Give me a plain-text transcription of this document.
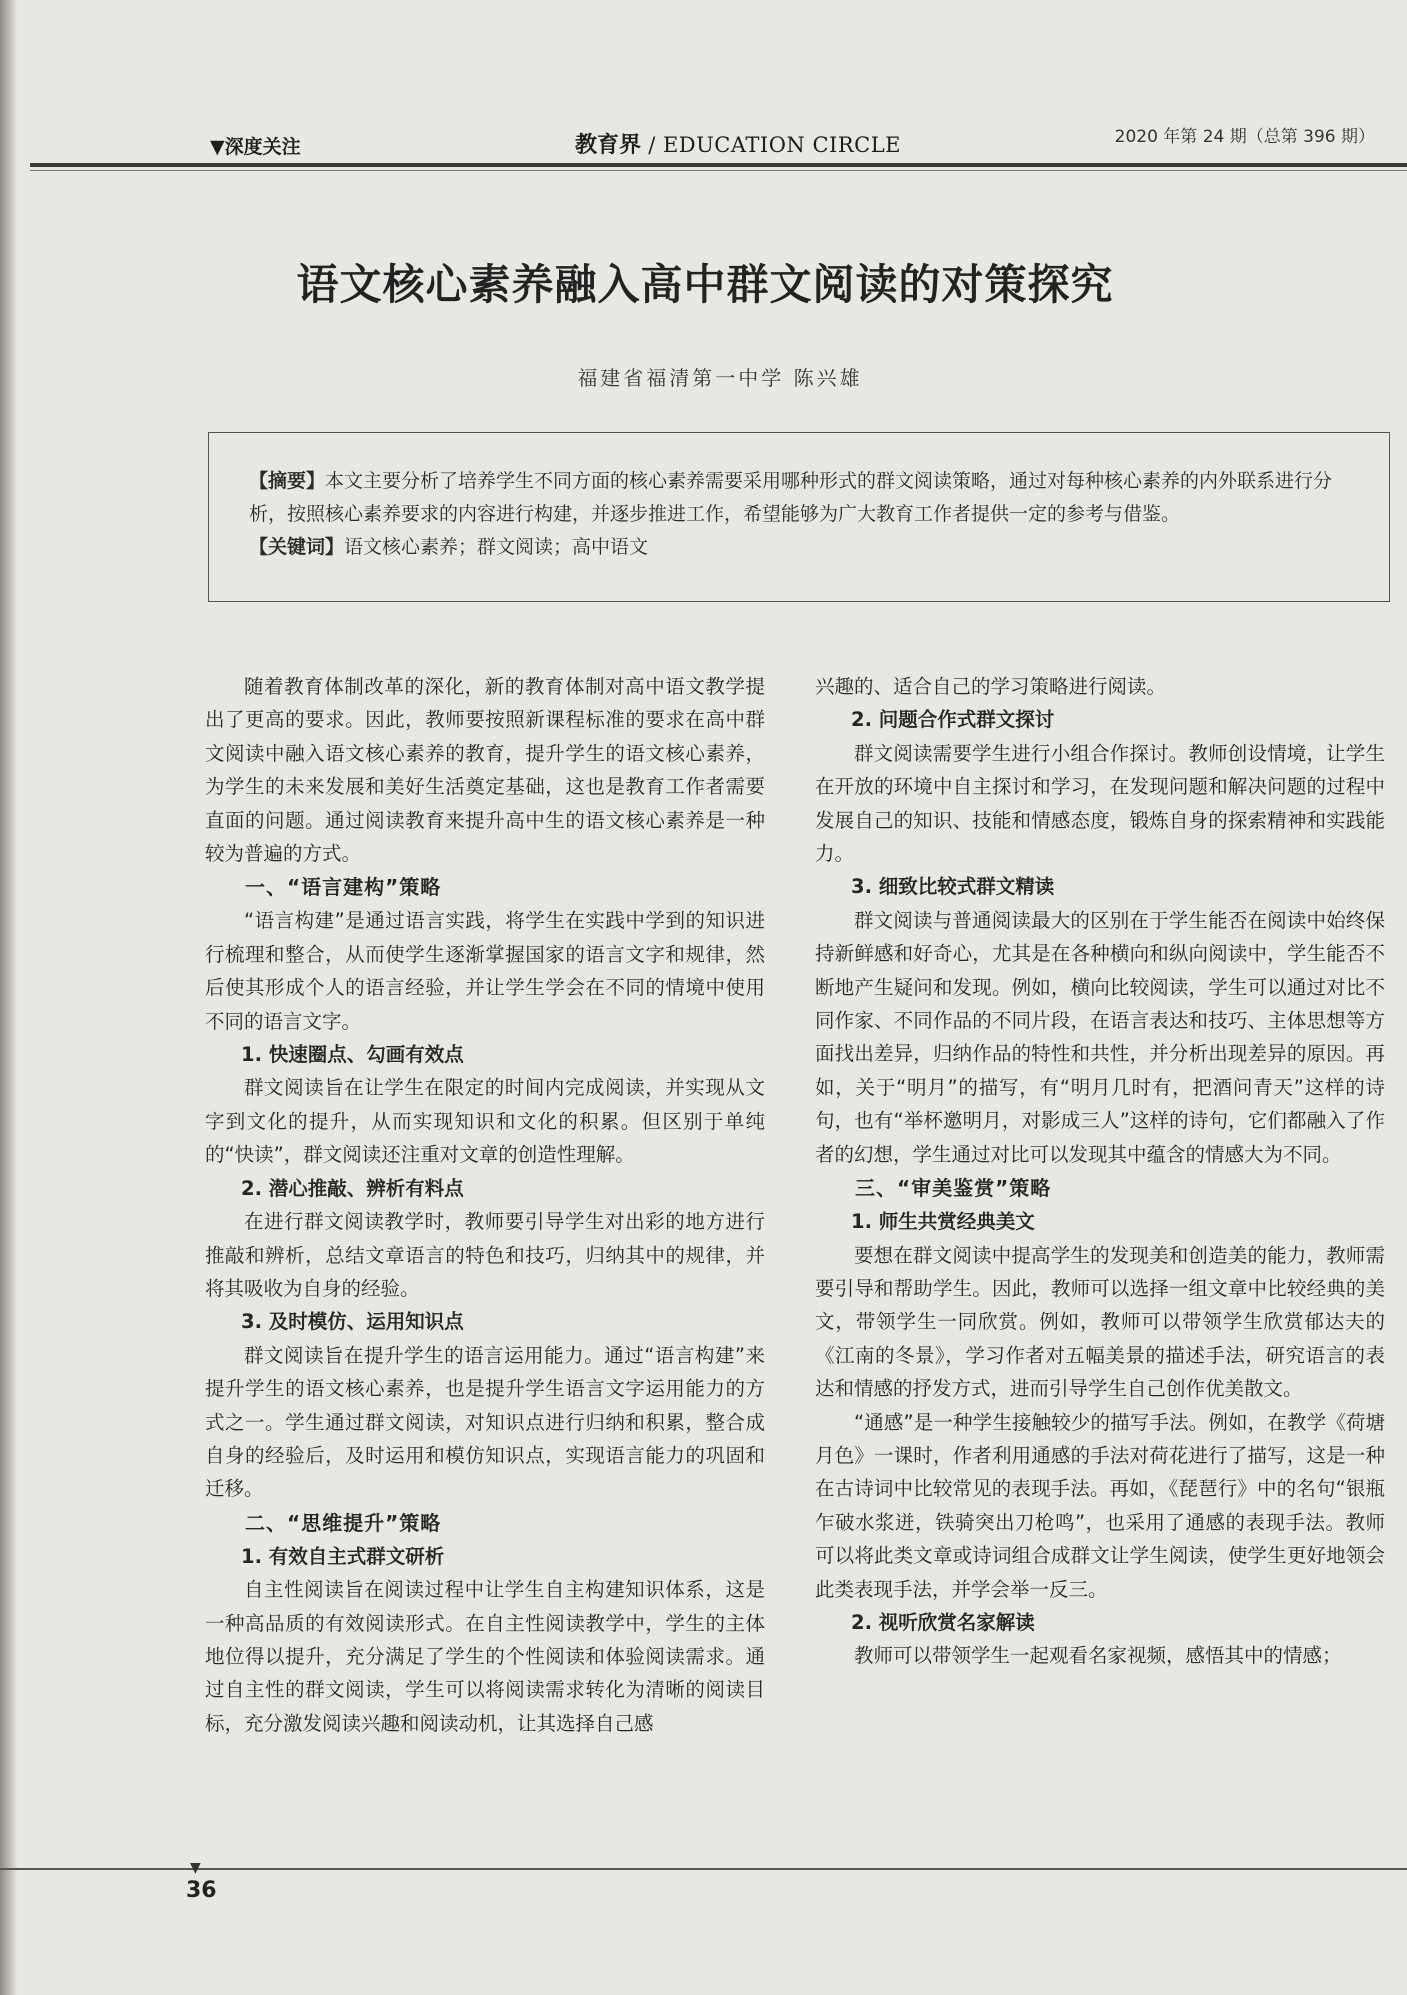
▼深度关注	教育界 / EDUCATION CIRCLE	2020 年第 24 期（总第 396 期）
语文核心素养融入高中群文阅读的对策探究
福建省福清第一中学 陈兴雄

【摘要】本文主要分析了培养学生不同方面的核心素养需要采用哪种形式的群文阅读策略，通过对每种核心素养的内外联系进行分析，按照核心素养要求的内容进行构建，并逐步推进工作，希望能够为广大教育工作者提供一定的参考与借鉴。

【关键词】语文核心素养；群文阅读；高中语文

随着教育体制改革的深化，新的教育体制对高中语文教学提出了更高的要求。因此，教师要按照新课程标准的要求在高中群文阅读中融入语文核心素养的教育，提升学生的语文核心素养，为学生的未来发展和美好生活奠定基础，这也是教育工作者需要直面的问题。通过阅读教育来提升高中生的语文核心素养是一种较为普遍的方式。

一、“语言建构”策略

“语言构建”是通过语言实践，将学生在实践中学到的知识进行梳理和整合，从而使学生逐渐掌握国家的语言文字和规律，然后使其形成个人的语言经验，并让学生学会在不同的情境中使用不同的语言文字。

1. 快速圈点、勾画有效点

群文阅读旨在让学生在限定的时间内完成阅读，并实现从文字到文化的提升，从而实现知识和文化的积累。但区别于单纯的“快读”，群文阅读还注重对文章的创造性理解。

2. 潜心推敲、辨析有料点

在进行群文阅读教学时，教师要引导学生对出彩的地方进行推敲和辨析，总结文章语言的特色和技巧，归纳其中的规律，并将其吸收为自身的经验。

3. 及时模仿、运用知识点

群文阅读旨在提升学生的语言运用能力。通过“语言构建”来提升学生的语文核心素养，也是提升学生语言文字运用能力的方式之一。学生通过群文阅读，对知识点进行归纳和积累，整合成自身的经验后，及时运用和模仿知识点，实现语言能力的巩固和迁移。

二、“思维提升”策略
1. 有效自主式群文研析

自主性阅读旨在阅读过程中让学生自主构建知识体系，这是一种高品质的有效阅读形式。在自主性阅读教学中，学生的主体地位得以提升，充分满足了学生的个性阅读和体验阅读需求。通过自主性的群文阅读，学生可以将阅读需求转化为清晰的阅读目标，充分激发阅读兴趣和阅读动机，让其选择自己感

兴趣的、适合自己的学习策略进行阅读。

2. 问题合作式群文探讨

群文阅读需要学生进行小组合作探讨。教师创设情境，让学生在开放的环境中自主探讨和学习，在发现问题和解决问题的过程中发展自己的知识、技能和情感态度，锻炼自身的探索精神和实践能力。

3. 细致比较式群文精读

群文阅读与普通阅读最大的区别在于学生能否在阅读中始终保持新鲜感和好奇心，尤其是在各种横向和纵向阅读中，学生能否不断地产生疑问和发现。例如，横向比较阅读，学生可以通过对比不同作家、不同作品的不同片段，在语言表达和技巧、主体思想等方面找出差异，归纳作品的特性和共性，并分析出现差异的原因。再如，关于“明月”的描写，有“明月几时有，把酒问青天”这样的诗句，也有“举杯邀明月，对影成三人”这样的诗句，它们都融入了作者的幻想，学生通过对比可以发现其中蕴含的情感大为不同。

三、“审美鉴赏”策略
1. 师生共赏经典美文

要想在群文阅读中提高学生的发现美和创造美的能力，教师需要引导和帮助学生。因此，教师可以选择一组文章中比较经典的美文，带领学生一同欣赏。例如，教师可以带领学生欣赏郁达夫的《江南的冬景》，学习作者对五幅美景的描述手法，研究语言的表达和情感的抒发方式，进而引导学生自己创作优美散文。

“通感”是一种学生接触较少的描写手法。例如，在教学《荷塘月色》一课时，作者利用通感的手法对荷花进行了描写，这是一种在古诗词中比较常见的表现手法。再如，《琵琶行》中的名句“银瓶乍破水浆迸，铁骑突出刀枪鸣”，也采用了通感的表现手法。教师可以将此类文章或诗词组合成群文让学生阅读，使学生更好地领会此类表现手法，并学会举一反三。

2. 视听欣赏名家解读

教师可以带领学生一起观看名家视频，感悟其中的情感；

▼
36
